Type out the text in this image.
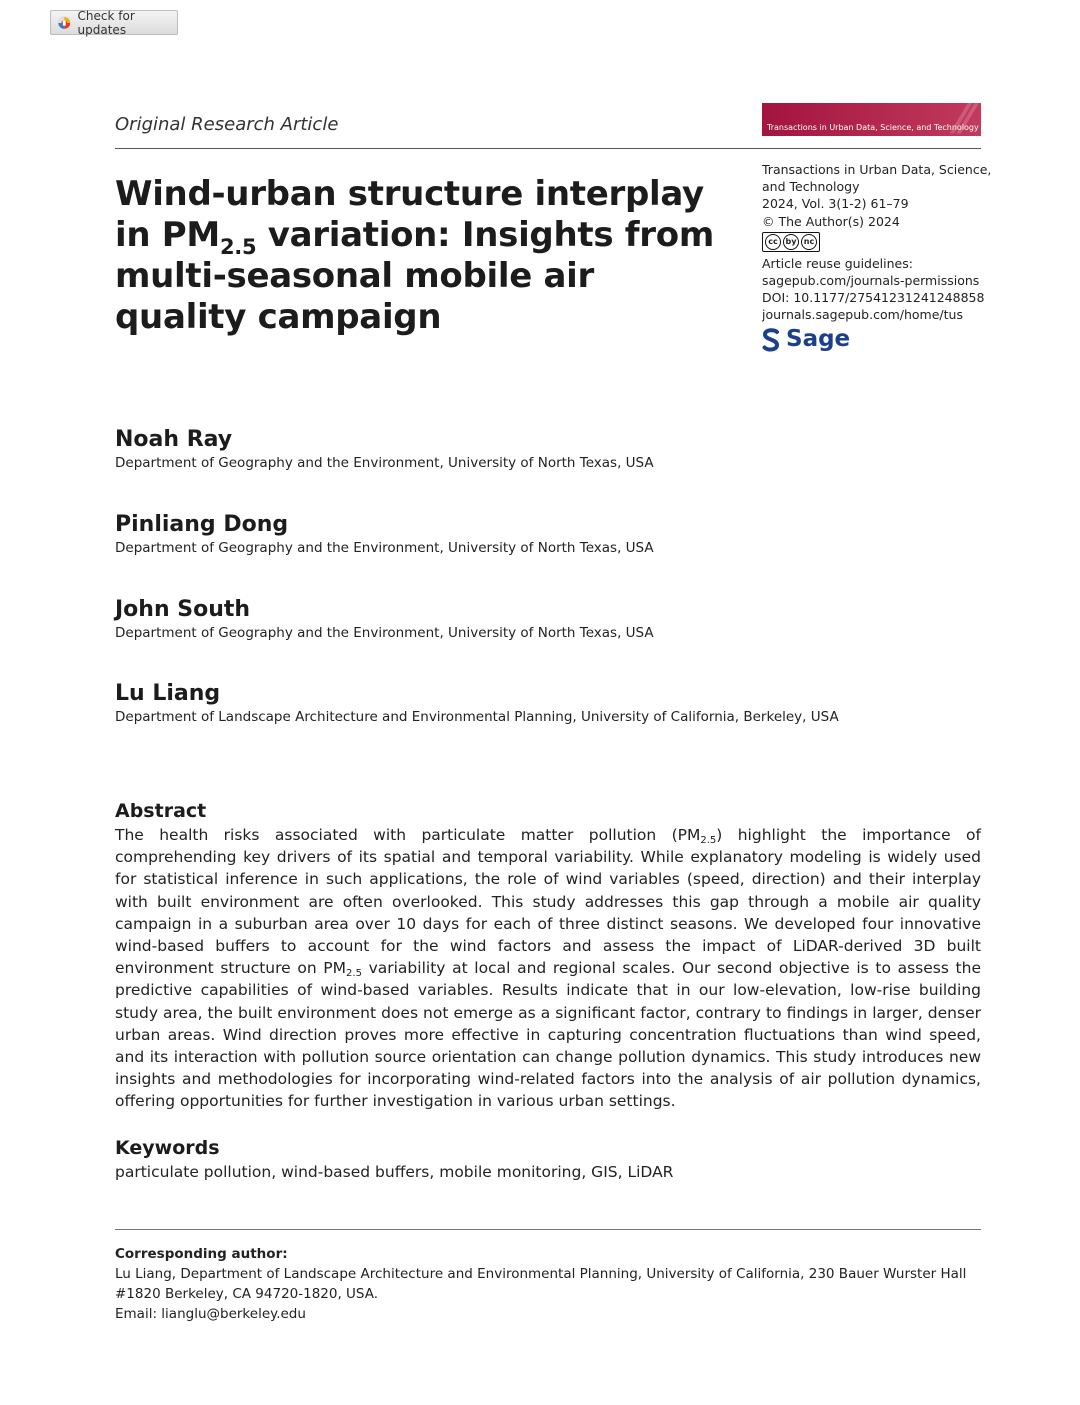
Check for updates
Original Research Article	⁄⁄
Transactions in Urban Data, Science, and Technology
Wind-urban structure interplay
in $PM_{2.5}$ variation: Insights from
multi-seasonal mobile air
quality campaign
Transactions in Urban Data, Science,
and Technology
2024, Vol. 3(1-2) 61–79
© The Author(s) 2024
cc by nc
Article reuse guidelines:
sagepub.com/journals-permissions
DOI: 10.1177/27541231241248858
journals.sagepub.com/home/tus
Sage
Noah Ray
Department of Geography and the Environment, University of North Texas, USA
Pinliang Dong
Department of Geography and the Environment, University of North Texas, USA
John South
Department of Geography and the Environment, University of North Texas, USA
Lu Liang
Department of Landscape Architecture and Environmental Planning, University of California, Berkeley, USA
Abstract
The health risks associated with particulate matter pollution $(PM_{2.5})$ highlight the importance of comprehending key drivers of its spatial and temporal variability. While explanatory modeling is widely used for statistical inference in such applications, the role of wind variables (speed, direction) and their interplay with built environment are often overlooked. This study addresses this gap through a mobile air quality campaign in a suburban area over 10 days for each of three distinct seasons. We developed four innovative wind-based buffers to account for the wind factors and assess the impact of LiDAR-derived 3D built environment structure on $PM_{2.5}$ variability at local and regional scales. Our second objective is to assess the predictive capabilities of wind-based variables. Results indicate that in our low-elevation, low-rise building study area, the built environment does not emerge as a significant factor, contrary to findings in larger, denser urban areas. Wind direction proves more effective in capturing concentration fluctuations than wind speed, and its interaction with pollution source orientation can change pollution dynamics. This study introduces new insights and methodologies for incorporating wind-related factors into the analysis of air pollution dynamics, offering opportunities for further investigation in various urban settings.
Keywords
particulate pollution, wind-based buffers, mobile monitoring, GIS, LiDAR
Corresponding author:
Lu Liang, Department of Landscape Architecture and Environmental Planning, University of California, 230 Bauer Wurster Hall
#1820 Berkeley, CA 94720-1820, USA.
Email: lianglu@berkeley.edu
